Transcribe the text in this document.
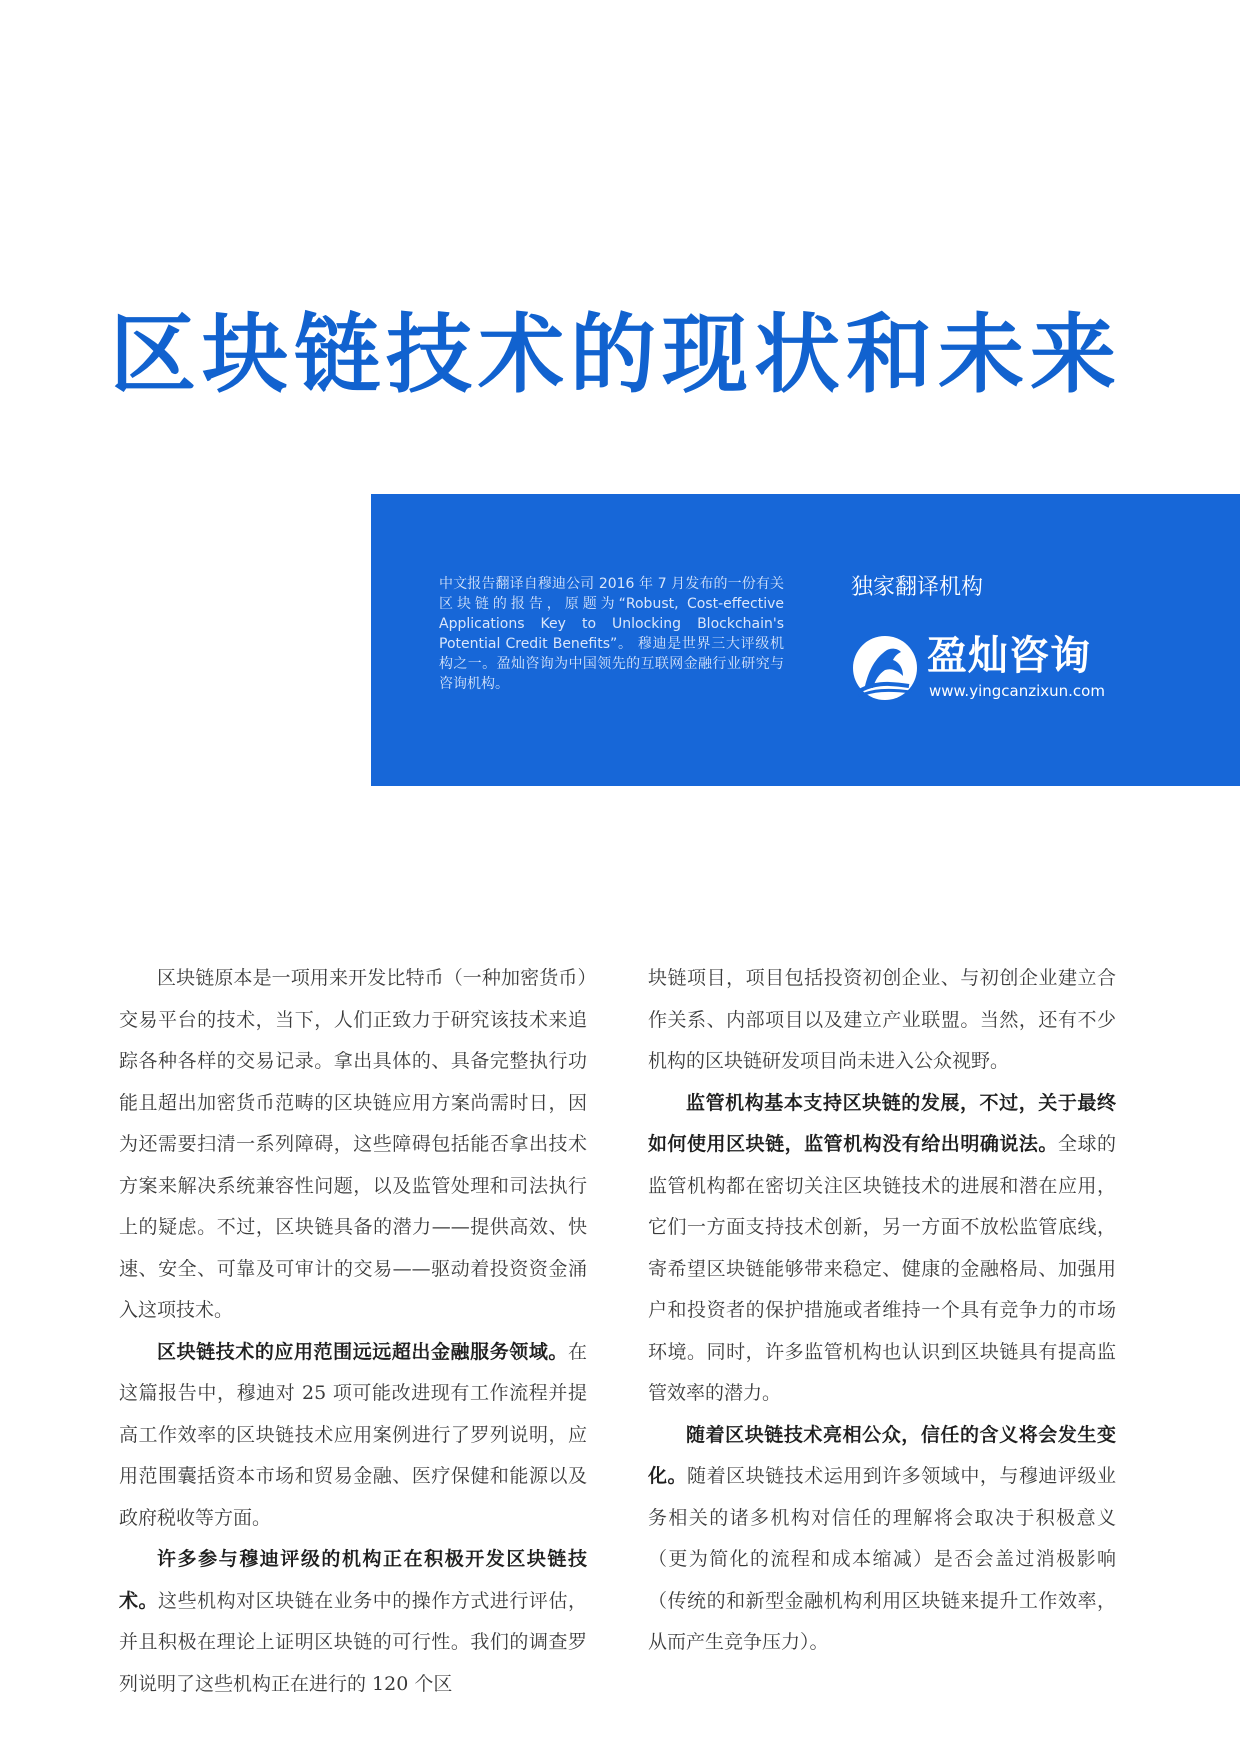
区块链技术的现状和未来

中文报告翻译自穆迪公司 2016 年 7 月发布的一份有关区块链的报告，原题为“Robust, Cost-effective Applications Key to Unlocking Blockchain's Potential Credit Benefits”。 穆迪是世界三大评级机构之一。盈灿咨询为中国领先的互联网金融行业研究与咨询机构。

独家翻译机构

盈灿咨询
www.yingcanzixun.com

区块链原本是一项用来开发比特币（一种加密货币）交易平台的技术，当下，人们正致力于研究该技术来追踪各种各样的交易记录。拿出具体的、具备完整执行功能且超出加密货币范畴的区块链应用方案尚需时日，因为还需要扫清一系列障碍，这些障碍包括能否拿出技术方案来解决系统兼容性问题，以及监管处理和司法执行上的疑虑。不过，区块链具备的潜力——提供高效、快速、安全、可靠及可审计的交易——驱动着投资资金涌入这项技术。

区块链技术的应用范围远远超出金融服务领域。在这篇报告中，穆迪对 25 项可能改进现有工作流程并提高工作效率的区块链技术应用案例进行了罗列说明，应用范围囊括资本市场和贸易金融、医疗保健和能源以及政府税收等方面。

许多参与穆迪评级的机构正在积极开发区块链技术。这些机构对区块链在业务中的操作方式进行评估，并且积极在理论上证明区块链的可行性。我们的调查罗列说明了这些机构正在进行的 120 个区

块链项目，项目包括投资初创企业、与初创企业建立合作关系、内部项目以及建立产业联盟。当然，还有不少机构的区块链研发项目尚未进入公众视野。

监管机构基本支持区块链的发展，不过，关于最终如何使用区块链，监管机构没有给出明确说法。全球的监管机构都在密切关注区块链技术的进展和潜在应用，它们一方面支持技术创新，另一方面不放松监管底线，寄希望区块链能够带来稳定、健康的金融格局、加强用户和投资者的保护措施或者维持一个具有竞争力的市场环境。同时，许多监管机构也认识到区块链具有提高监管效率的潜力。

随着区块链技术亮相公众，信任的含义将会发生变化。随着区块链技术运用到许多领域中，与穆迪评级业务相关的诸多机构对信任的理解将会取决于积极意义（更为简化的流程和成本缩减）是否会盖过消极影响（传统的和新型金融机构利用区块链来提升工作效率，从而产生竞争压力）。
